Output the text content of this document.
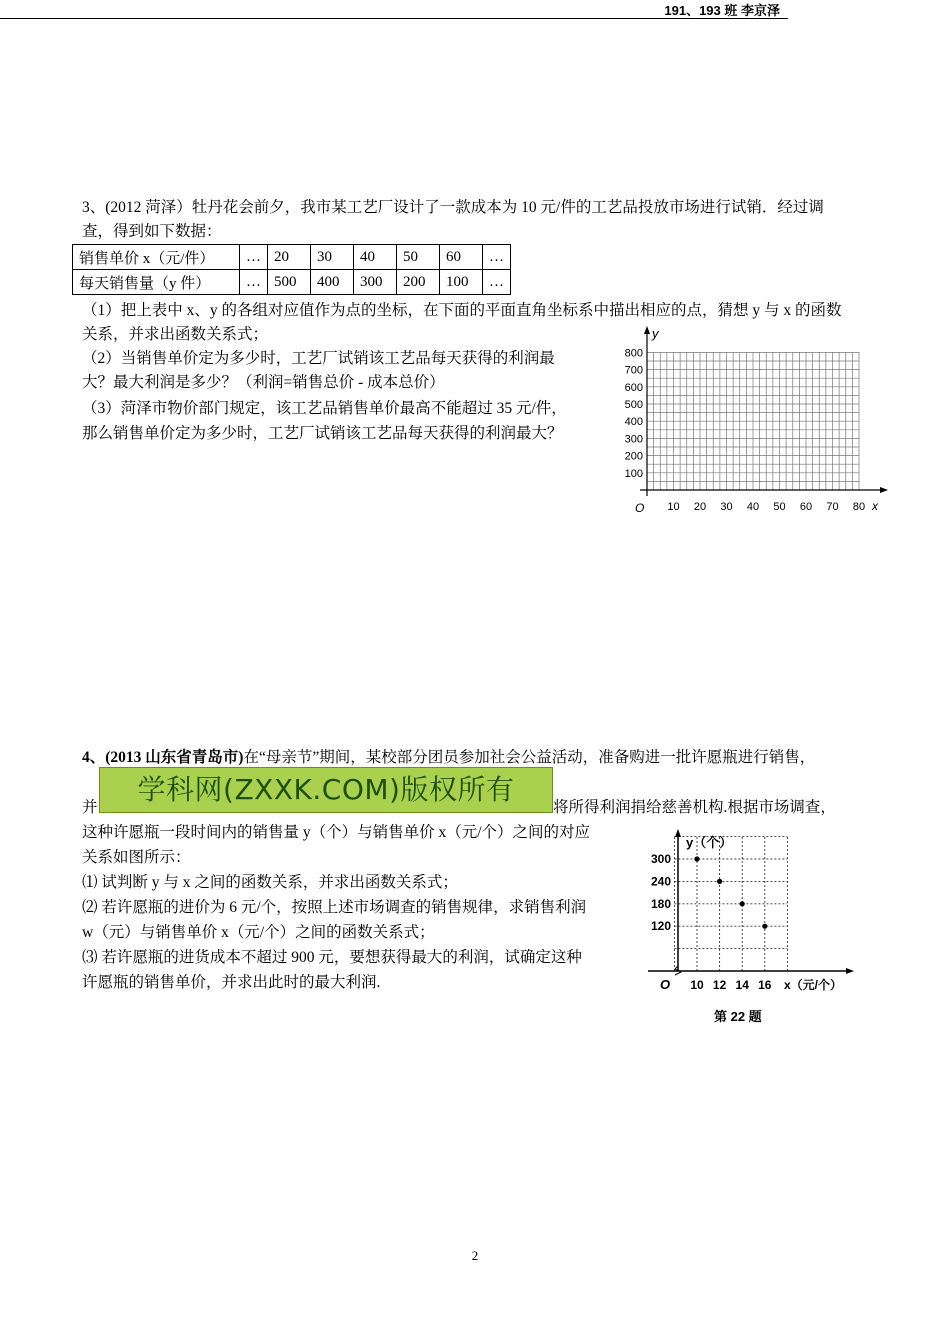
191、193 班 李京泽
3、(2012 菏泽）牡丹花会前夕，我市某工艺厂设计了一款成本为 10 元/件的工艺品投放市场进行试销．经过调
查，得到如下数据：
销售单价 x（元/件）	…	20	30	40	50	60	…
每天销售量（y 件）	…	500	400	300	200	100	…
（1）把上表中 x、y 的各组对应值作为点的坐标，在下面的平面直角坐标系中描出相应的点，猜想 y 与 x 的函数
关系，并求出函数关系式；
（2）当销售单价定为多少时，工艺厂试销该工艺品每天获得的利润最
大？最大利润是多少？（利润=销售总价 - 成本总价）
（3）菏泽市物价部门规定，该工艺品销售单价最高不能超过 35 元/件，
那么销售单价定为多少时，工艺厂试销该工艺品每天获得的利润最大？
y
x
O
100
200
300
400
500
600
700
800
10 20 30 40 50 60 70 80
4、(2013 山东省青岛市)在“母亲节”期间，某校部分团员参加社会公益活动，准备购进一批许愿瓶进行销售，
并	将所得利润捐给慈善机构.根据市场调查，
这种许愿瓶一段时间内的销售量 y（个）与销售单价 x（元/个）之间的对应
关系如图所示：
⑴ 试判断 y 与 x 之间的函数关系，并求出函数关系式；
⑵ 若许愿瓶的进价为 6 元/个，按照上述市场调查的销售规律，求销售利润
w（元）与销售单价 x（元/个）之间的函数关系式；
⑶ 若许愿瓶的进货成本不超过 900 元，要想获得最大的利润，试确定这种
许愿瓶的销售单价，并求出此时的最大利润.
学科网(ZXXK.COM)版权所有
y（个）
x（元/个）
O
120
180
240
300
10 12 14 16
第 22 题
2
